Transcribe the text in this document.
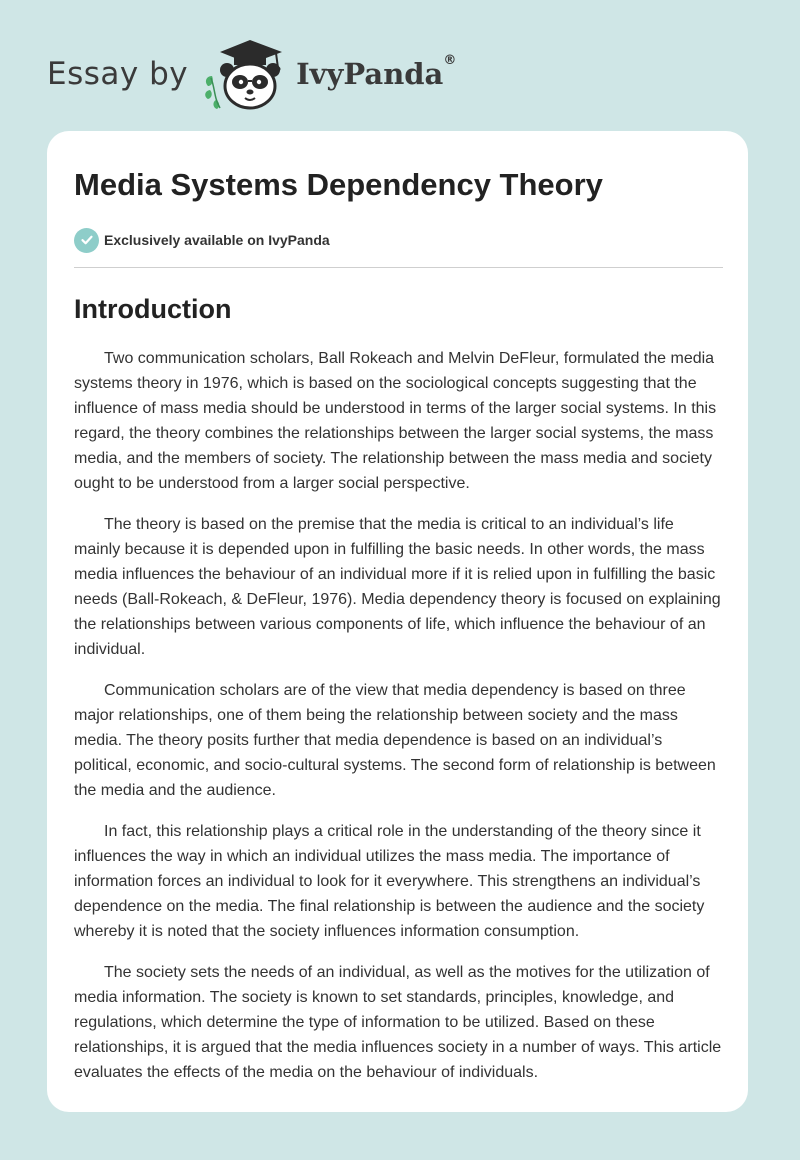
Essay by	IvyPanda®
Media Systems Dependency Theory
Exclusively available on IvyPanda
Introduction

Two communication scholars, Ball Rokeach and Melvin DeFleur, formulated the media systems theory in 1976, which is based on the sociological concepts suggesting that the influence of mass media should be understood in terms of the larger social systems. In this regard, the theory combines the relationships between the larger social systems, the mass media, and the members of society. The relationship between the mass media and society ought to be understood from a larger social perspective.

The theory is based on the premise that the media is critical to an individual’s life mainly because it is depended upon in fulfilling the basic needs. In other words, the mass media influences the behaviour of an individual more if it is relied upon in fulfilling the basic needs (Ball-Rokeach, & DeFleur, 1976). Media dependency theory is focused on explaining the relationships between various components of life, which influence the behaviour of an individual.

Communication scholars are of the view that media dependency is based on three major relationships, one of them being the relationship between society and the mass media. The theory posits further that media dependence is based on an individual’s political, economic, and socio-cultural systems. The second form of relationship is between the media and the audience.

In fact, this relationship plays a critical role in the understanding of the theory since it influences the way in which an individual utilizes the mass media. The importance of information forces an individual to look for it everywhere. This strengthens an individual’s dependence on the media. The final relationship is between the audience and the society whereby it is noted that the society influences information consumption.

The society sets the needs of an individual, as well as the motives for the utilization of media information. The society is known to set standards, principles, knowledge, and regulations, which determine the type of information to be utilized. Based on these relationships, it is argued that the media influences society in a number of ways. This article evaluates the effects of the media on the behaviour of individuals.
